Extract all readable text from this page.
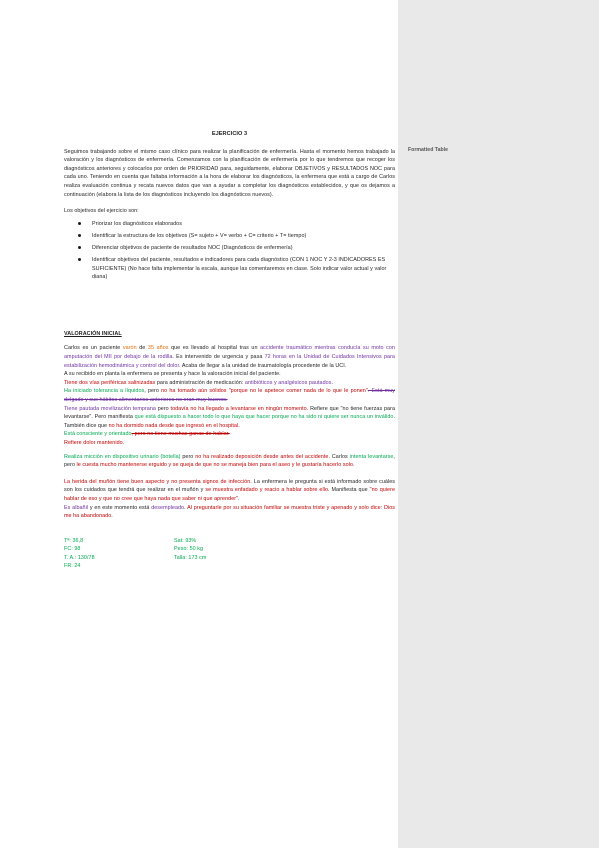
Formatted Table
EJERCICIO 3

Seguimos trabajando sobre el mismo caso clínico para realizar la planificación de enfermería. Hasta el momento hemos trabajado la valoración y los diagnósticos de enfermería. Comenzamos con la planificación de enfermería por lo que tendremos que recoger los diagnósticos anteriores y colocarlos por orden de PRIORIDAD para, seguidamente, elaborar OBJETIVOS y RESULTADOS NOC para cada uno. Teniendo en cuenta que faltaba información a la hora de elaborar los diagnósticos, la enfermera que está a cargo de Carlos realiza evaluación continua y recata nuevos datos que van a ayudar a completar los diagnósticos establecidos, y que os dejamos a continuación (elabora la lista de los diagnósticos incluyendo los diagnósticos nuevos).

Los objetivos del ejercicio son:

Priorizar los diagnósticos elaborados
Identificar la estructura de los objetivos (S= sujeto + V= verbo + C= criterio + T= tiempo)
Diferenciar objetivos de paciente de resultados NOC (Diagnósticos de enfermería)
Identificar objetivos del paciente, resultados e indicadores para cada diagnóstico (CON 1 NOC Y 2-3 INDICADORES ES SUFICIENTE) (No hace falta implementar la escala, aunque las comentaremos en clase. Solo indicar valor actual y valor diana)
VALORACIÓN INICIAL

Carlos es un paciente varón de 35 años que es llevado al hospital tras un accidente traumático mientras conducía su moto con amputación del MII por debajo de la rodilla. Es intervenido de urgencia y pasa 72 horas en la Unidad de Cuidados Intensivos para estabilización hemodinámica y control del dolor. Acaba de llegar a la unidad de traumatología procedente de la UCI.

A su recibido en planta la enfermera se presenta y hace la valoración inicial del paciente.

Tiene dos vías periféricas salinizadas para administración de medicación: antibióticos y analgésicos pautados.

Ha iniciado tolerancia a líquidos, pero no ha tomado aún sólidos "porque no le apetece comer nada de lo que le ponen". Está muy delgado y sus hábitos alimentarios anteriores no eran muy buenos.

Tiene pautada movilización temprana pero todavía no ha llegado a levantarse en ningún momento. Refiere que "no tiene fuerzas para levantarse". Pero manifiesta que está dispuesto a hacer todo lo que haya que hacer porque no ha sido ni quiere ser nunca un inválido. También dice que no ha dormido nada desde que ingresó en el hospital.

Está consciente y orientado, pero no tiene muchas ganas de hablar.

Refiere dolor mantenido.

Realiza micción en dispositivo urinario (botella) pero no ha realizado deposición desde antes del accidente. Carlos intenta levantarse, pero le cuesta mucho mantenerse erguido y se queja de que no se maneja bien para el aseo y le gustaría hacerlo solo.

La herida del muñón tiene buen aspecto y no presenta signos de infección. La enfermera le pregunta si está informado sobre cuáles son los cuidados que tendrá que realizar en el muñón y se muestra enfadado y reacio a hablar sobre ello. Manifiesta que "no quiere hablar de eso y que no cree que haya nada que saber ni que aprender".

Es albañil y en este momento está desempleado. Al preguntarle por su situación familiar se muestra triste y apenado y solo dice: Dios me ha abandonado.

Tª: 36,8	Sat: 93%
FC: 98	Peso: 50 kg
T. A.: 130/78	Talla: 173 cm
FR: 24
